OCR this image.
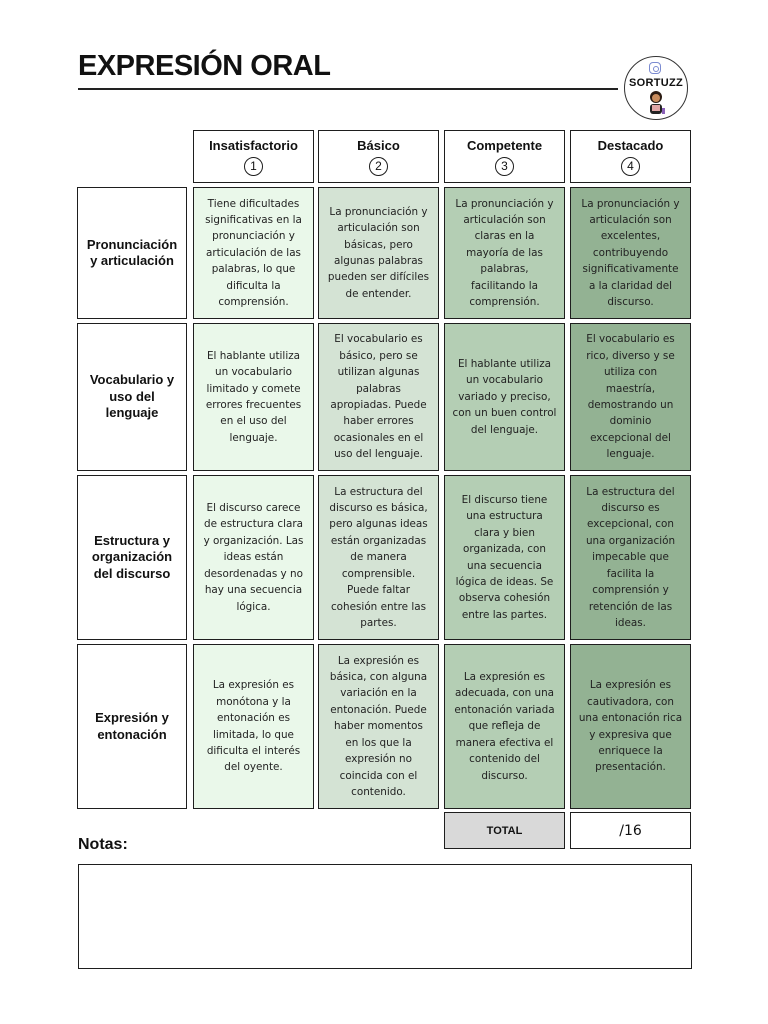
EXPRESIÓN ORAL
SORTUZZ
Insatisfactorio
1
Básico
2
Competente
3
Destacado
4
Pronunciación y articulación
Tiene dificultades significativas en la pronunciación y articulación de las palabras, lo que dificulta la comprensión.
La pronunciación y articulación son básicas, pero algunas palabras pueden ser difíciles de entender.
La pronunciación y articulación son claras en la mayoría de las palabras, facilitando la comprensión.
La pronunciación y articulación son excelentes, contribuyendo significativamente a la claridad del discurso.
Vocabulario y uso del lenguaje
El hablante utiliza un vocabulario limitado y comete errores frecuentes en el uso del lenguaje.
El vocabulario es básico, pero se utilizan algunas palabras apropiadas. Puede haber errores ocasionales en el uso del lenguaje.
El hablante utiliza un vocabulario variado y preciso, con un buen control del lenguaje.
El vocabulario es rico, diverso y se utiliza con maestría, demostrando un dominio excepcional del lenguaje.
Estructura y organización del discurso
El discurso carece de estructura clara y organización. Las ideas están desordenadas y no hay una secuencia lógica.
La estructura del discurso es básica, pero algunas ideas están organizadas de manera comprensible. Puede faltar cohesión entre las partes.
El discurso tiene una estructura clara y bien organizada, con una secuencia lógica de ideas. Se observa cohesión entre las partes.
La estructura del discurso es excepcional, con una organización impecable que facilita la comprensión y retención de las ideas.
Expresión y entonación
La expresión es monótona y la entonación es limitada, lo que dificulta el interés del oyente.
La expresión es básica, con alguna variación en la entonación. Puede haber momentos en los que la expresión no coincida con el contenido.
La expresión es adecuada, con una entonación variada que refleja de manera efectiva el contenido del discurso.
La expresión es cautivadora, con una entonación rica y expresiva que enriquece la presentación.
TOTAL	/16
Notas:
